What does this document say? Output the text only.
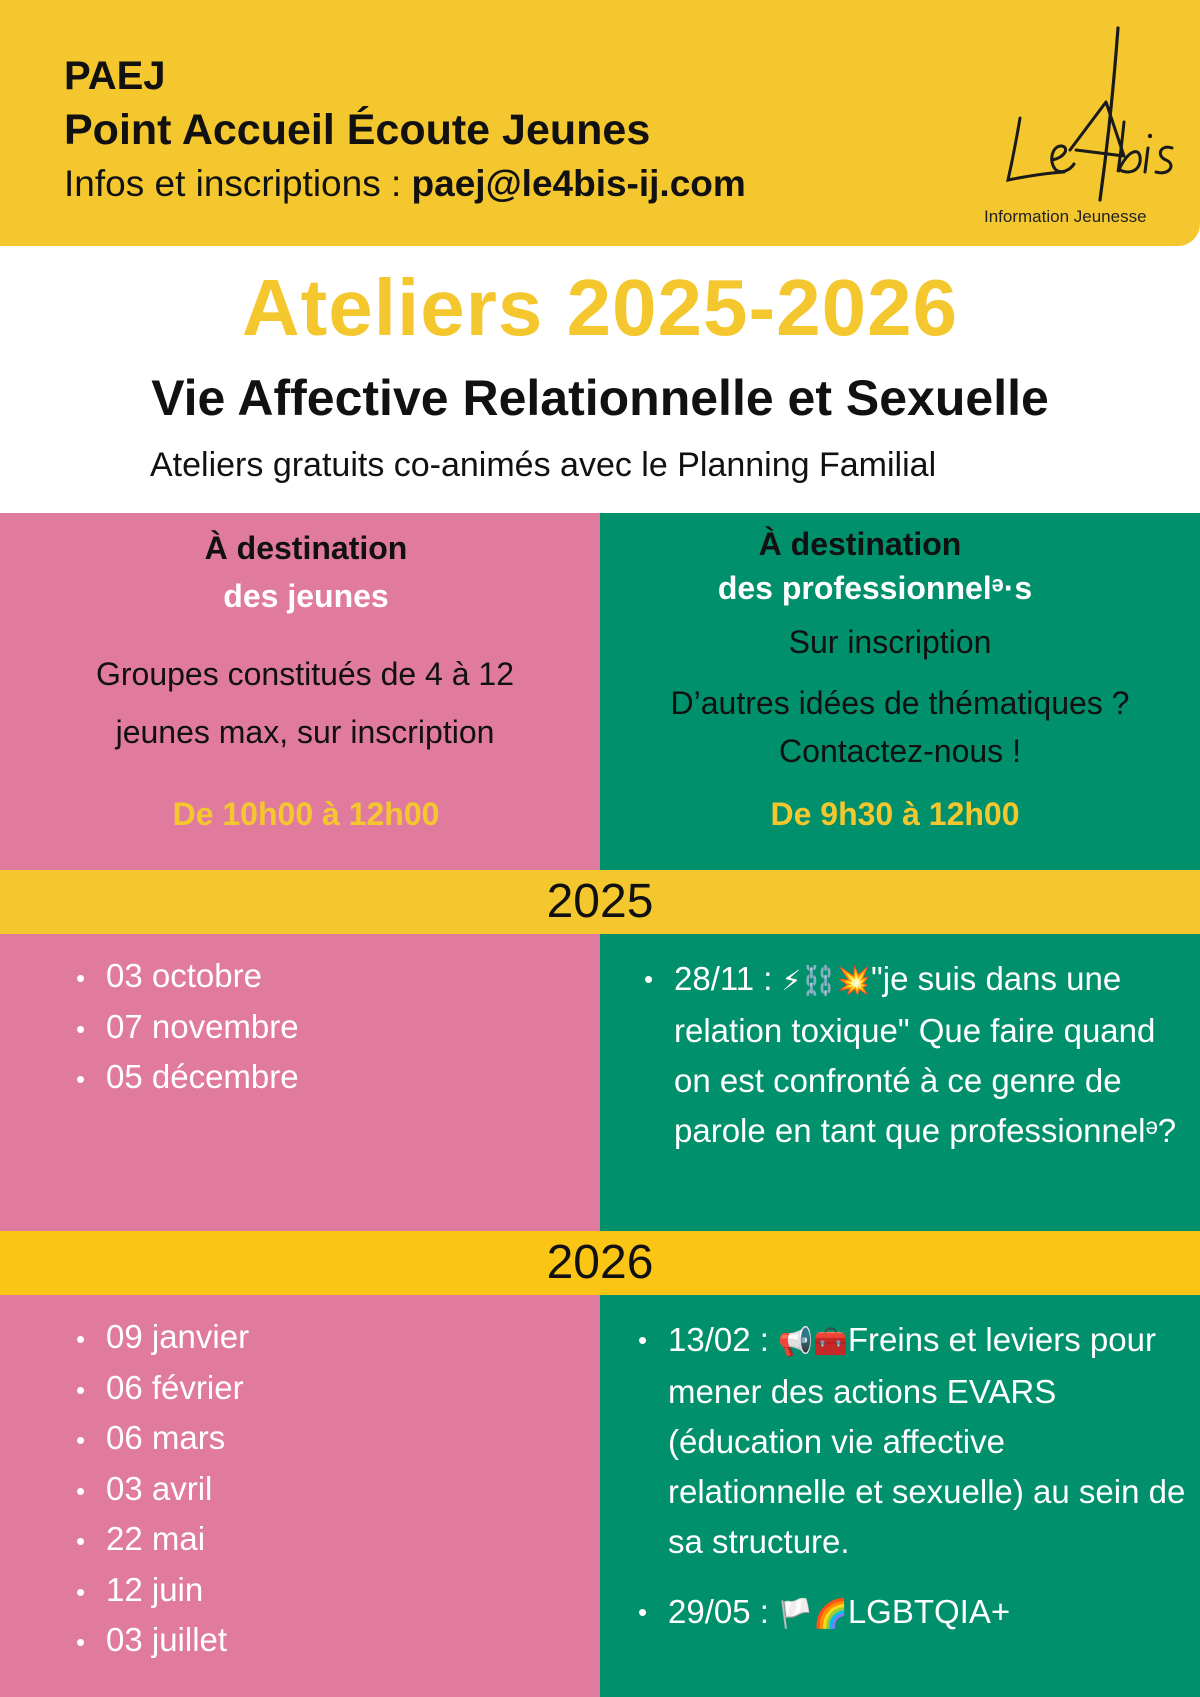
PAEJ
Point Accueil Écoute Jeunes
Infos et inscriptions : paej@le4bis-ij.com
Information Jeunesse
Ateliers 2025-2026
Vie Affective Relationnelle et Sexuelle
Ateliers gratuits co-animés avec le Planning Familial
À destination
des jeunes
Groupes constitués de 4 à 12 jeunes max, sur inscription
De 10h00 à 12h00
À destination
des professionnelᵊ·s
Sur inscription
D’autres idées de thématiques ? Contactez-nous !
De 9h30 à 12h00
2025
• 03 octobre
• 07 novembre
• 05 décembre
• 28/11 : ⚡⛓️💥"je suis dans une relation toxique" Que faire quand on est confronté à ce genre de parole en tant que professionnelᵊ?
2026
• 09 janvier
• 06 février
• 06 mars
• 03 avril
• 22 mai
• 12 juin
• 03 juillet
• 13/02 : 📢🧰Freins et leviers pour mener des actions EVARS (éducation vie affective relationnelle et sexuelle) au sein de sa structure.
• 29/05 : 🏳️🌈LGBTQIA+
